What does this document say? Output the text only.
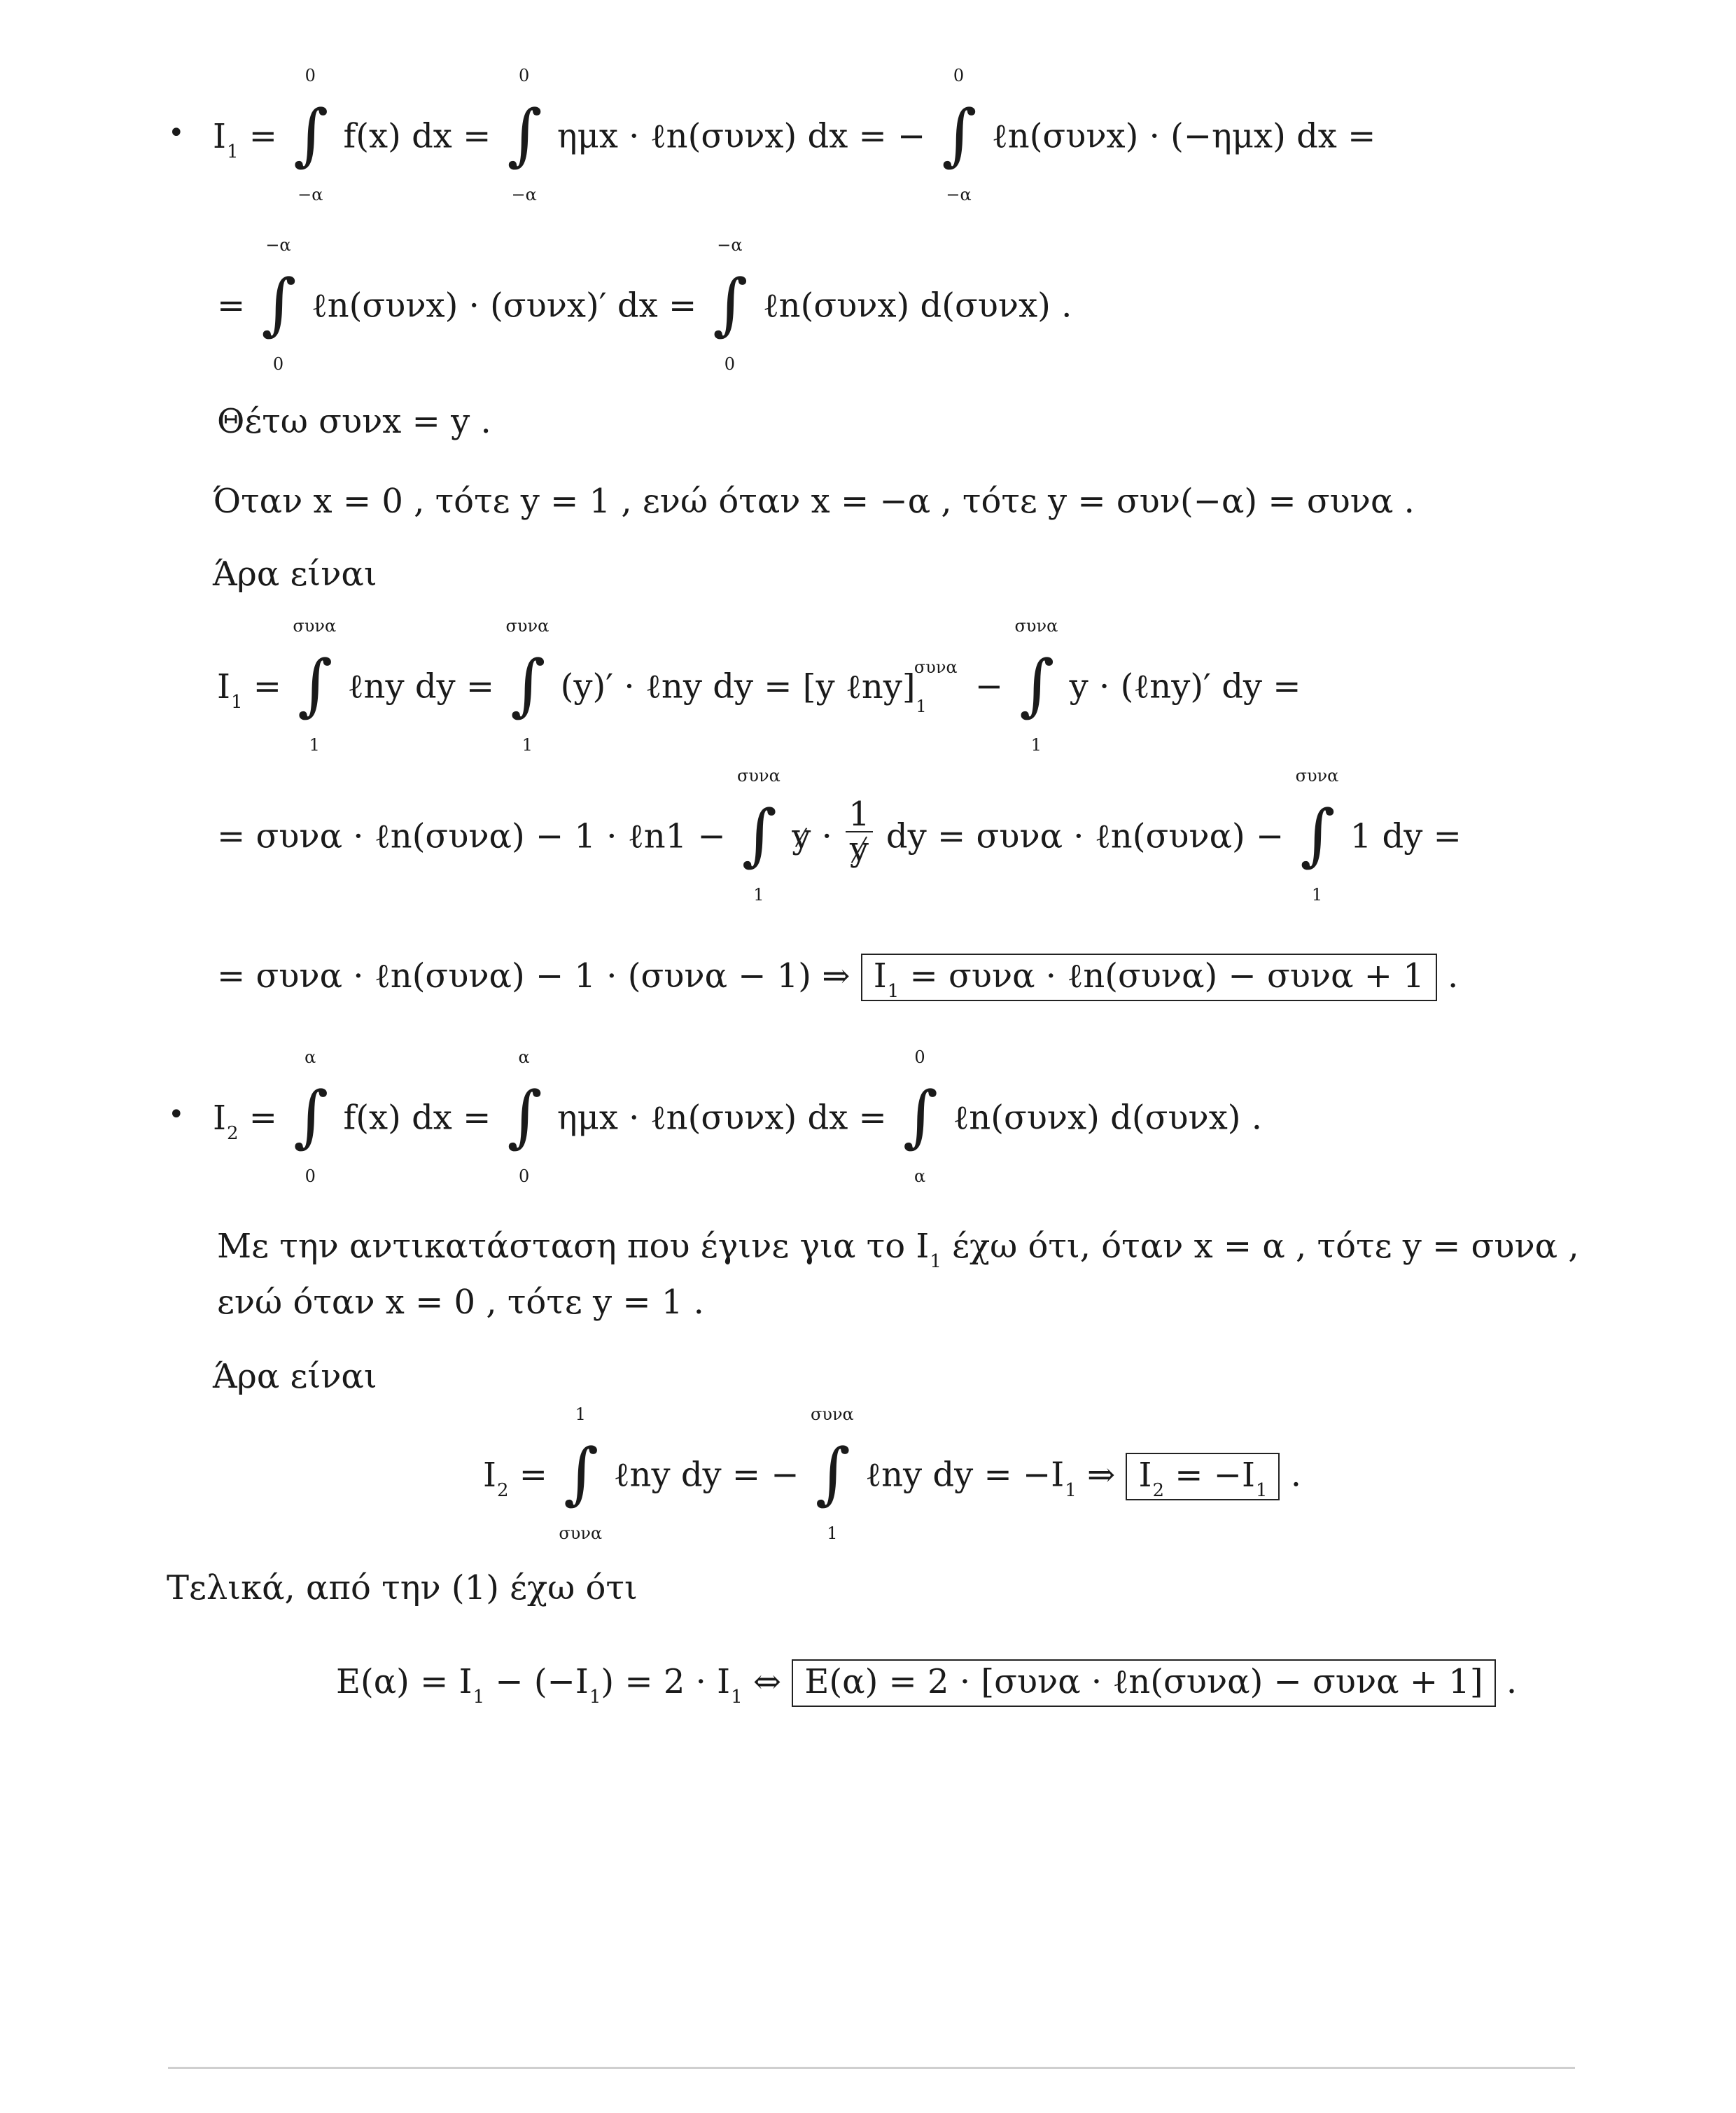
• $I_1$ = ∫
0
−α
f(x) dx = ∫
0
−α
ημx · ℓn(συνx) dx = − ∫
0
−α
ℓn(συνx) · (−ημx) dx =
= ∫
−α
0
ℓn(συνx) · (συνx)′ dx = ∫
−α
0
ℓn(συνx) d(συνx) .
Θέτω συνx = y .
Όταν x = 0 , τότε y = 1 , ενώ όταν x = −α , τότε y = συν(−α) = συνα .
Άρα είναι
$I_1$ = ∫
συνα
1
ℓny dy = ∫
συνα
1
(y)′ · ℓny dy = [y ℓny]
συνα
1 − ∫
συνα
1
y · (ℓny)′ dy =
= συνα · ℓn(συνα) − 1 · ℓn1 − ∫
συνα
1
$y \cdot \frac{1}{y}$ dy = συνα · ℓn(συνα) − ∫
συνα
1
1 dy =
= συνα · ℓn(συνα) − 1 · (συνα − 1) ⇒ $I_1 = \sigma\upsilon\nu\alpha$ · ℓn(συνα) − συνα + 1 .
• $I_2$ = ∫
α
0
f(x) dx = ∫
α
0
ημx · ℓn(συνx) dx = ∫
0
α
ℓn(συνx) d(συνx) .
Με την αντικατάσταση που έγινε για το $I_1$ έχω ότι, όταν x = α , τότε y = συνα ,
ενώ όταν x = 0 , τότε y = 1 .
Άρα είναι
$I_2$ = ∫
1
συνα
ℓny dy = − ∫
συνα
1
ℓny dy = $-I_1$ ⇒ $I_2 = -I_1$ .
Τελικά, από την (1) έχω ότι
$E(\alpha) = I_1 - (-I_1) = 2 \cdot I_1$ ⇔ E(α) = 2 · [συνα · ℓn(συνα) − συνα + 1] .
